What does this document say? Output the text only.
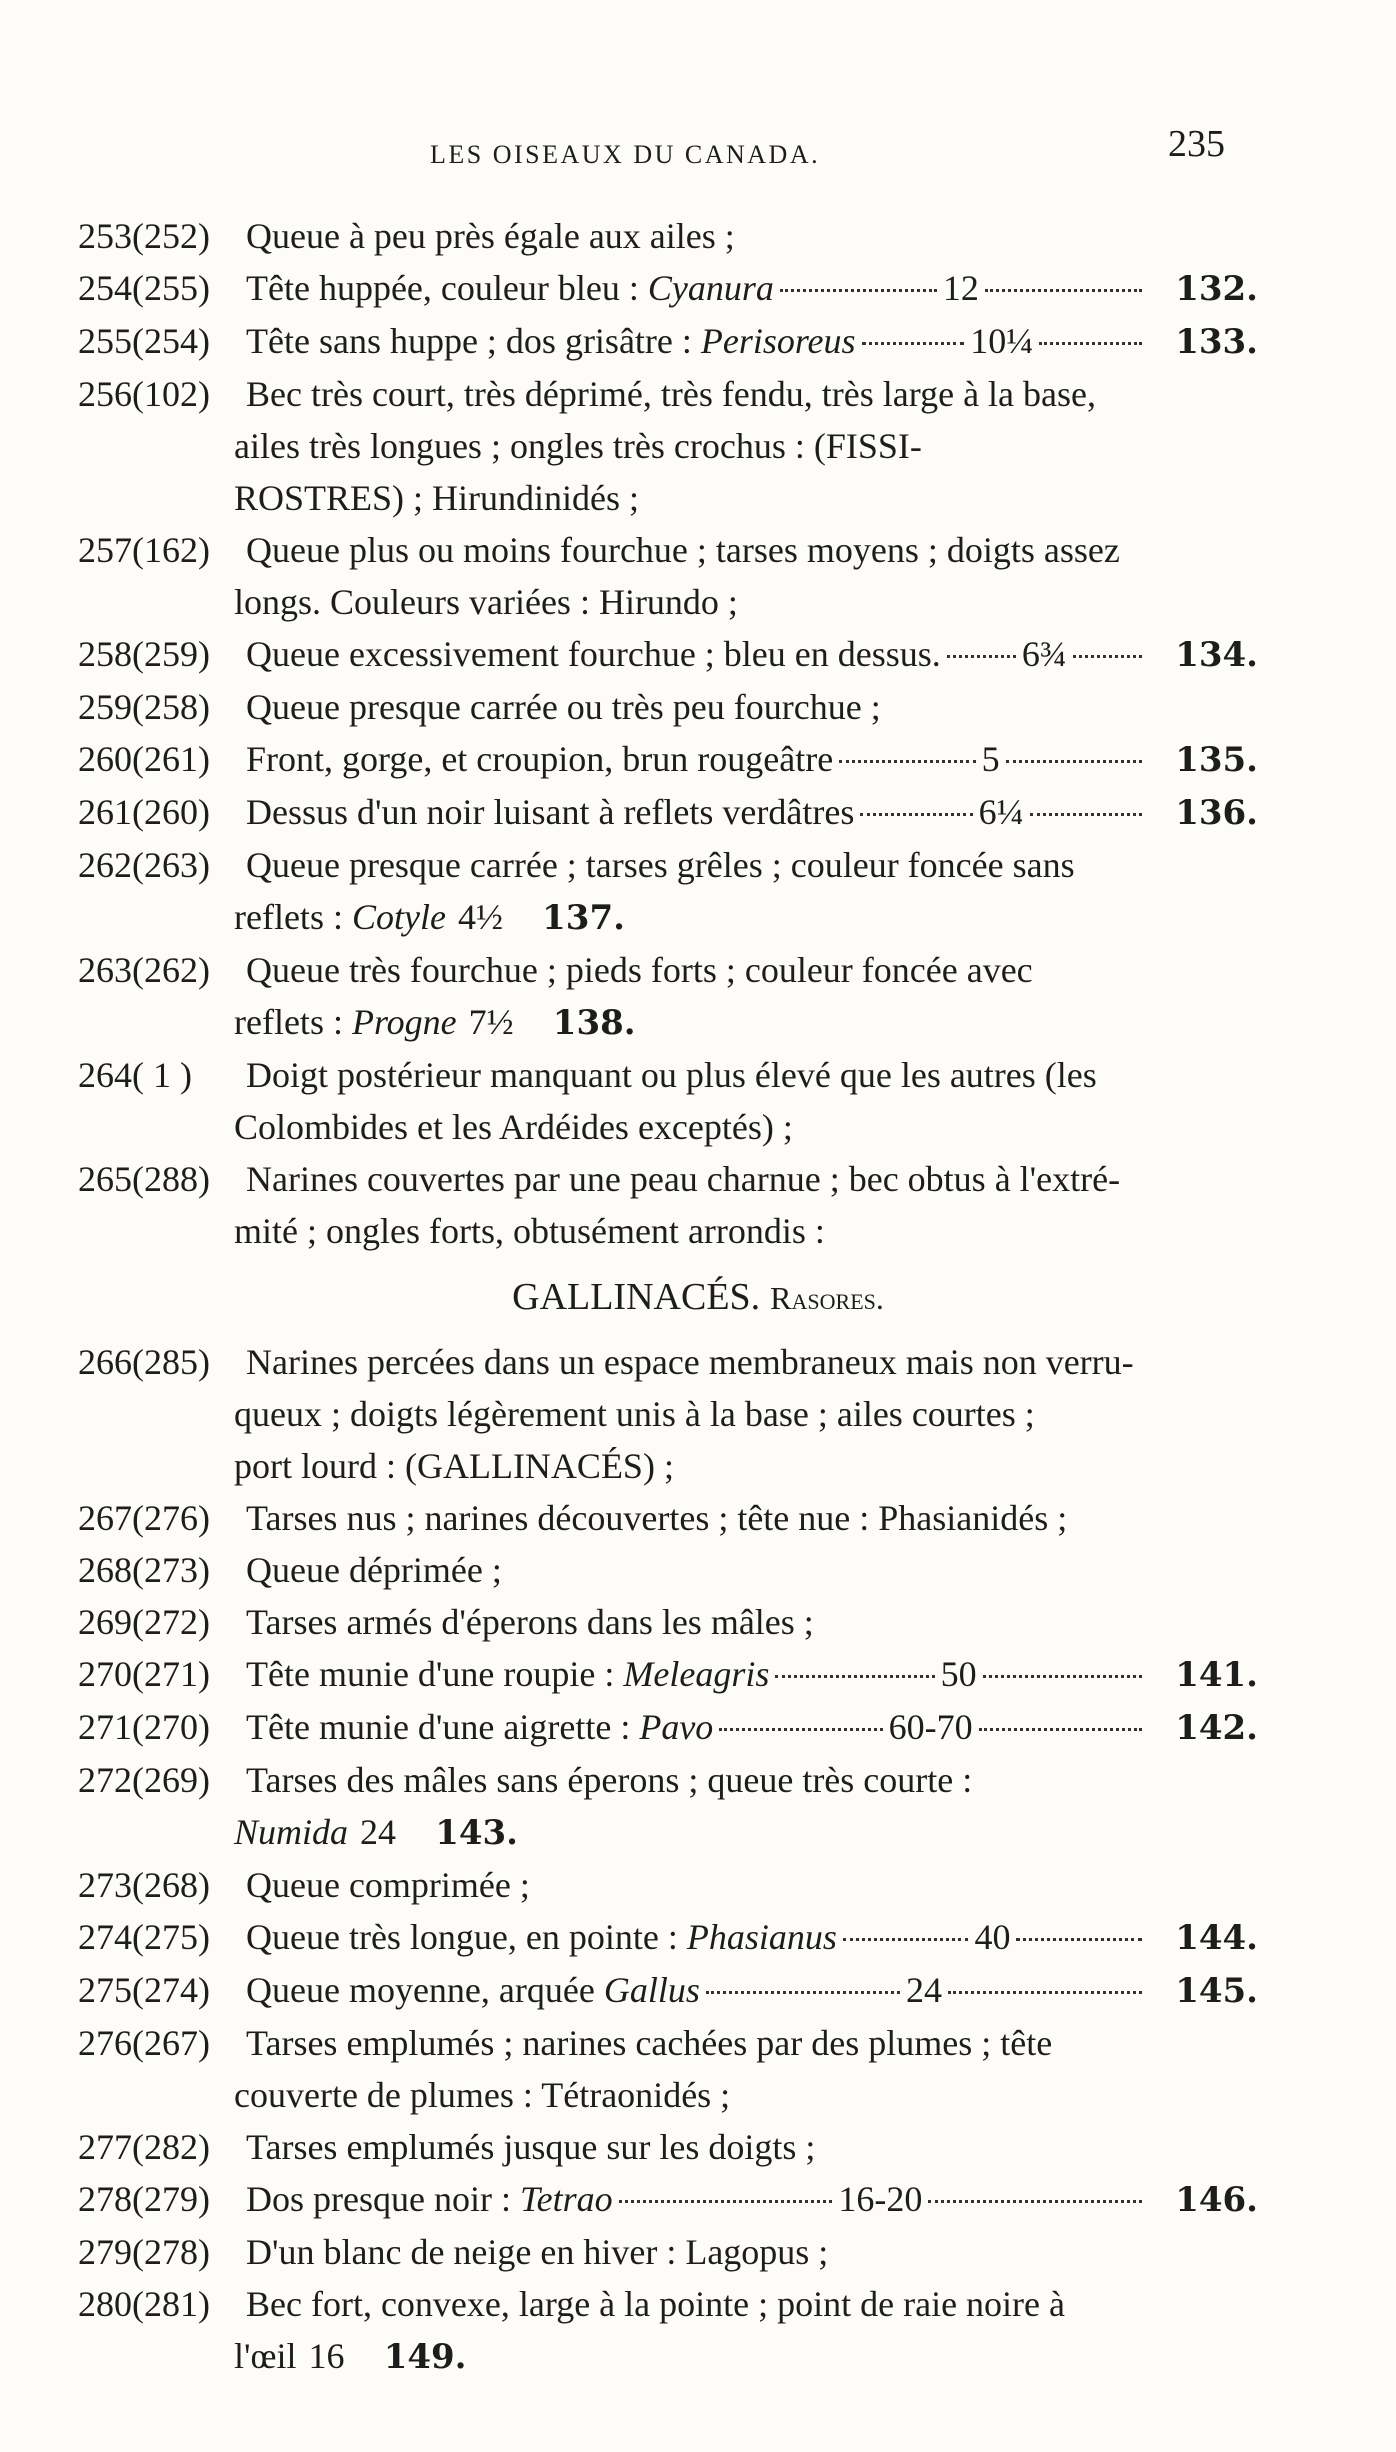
LES OISEAUX DU CANADA.	235
253(252) Queue à peu près égale aux ailes ;
254(255) Tête huppée, couleur bleu : Cyanura	12	132.
255(254) Tête sans huppe ; dos grisâtre : Perisoreus	10¼	133.
256(102) Bec très court, très déprimé, très fendu, très large à la base,
ailes très longues ; ongles très crochus : (FISSI-
ROSTRES) ; Hirundinidés ;
257(162) Queue plus ou moins fourchue ; tarses moyens ; doigts assez
longs. Couleurs variées : Hirundo ;
258(259) Queue excessivement fourchue ; bleu en dessus. 6¾	134.
259(258) Queue presque carrée ou très peu fourchue ;
260(261) Front, gorge, et croupion, brun rougeâtre	5	135.
261(260) Dessus d'un noir luisant à reflets verdâtres	6¼	136.
262(263) Queue presque carrée ; tarses grêles ; couleur foncée sans
reflets : Cotyle 4½ 137.
263(262) Queue très fourchue ; pieds forts ; couleur foncée avec
reflets : Progne 7½ 138.
264( 1 ) Doigt postérieur manquant ou plus élevé que les autres (les
Colombides et les Ardéides exceptés) ;
265(288) Narines couvertes par une peau charnue ; bec obtus à l'extré-
mité ; ongles forts, obtusément arrondis :
GALLINACÉS. Rasores.
266(285) Narines percées dans un espace membraneux mais non verru-
queux ; doigts légèrement unis à la base ; ailes courtes ;
port lourd : (GALLINACÉS) ;
267(276) Tarses nus ; narines découvertes ; tête nue : Phasianidés ;
268(273) Queue déprimée ;
269(272) Tarses armés d'éperons dans les mâles ;
270(271) Tête munie d'une roupie : Meleagris	50	141.
271(270) Tête munie d'une aigrette : Pavo	60-70	142.
272(269) Tarses des mâles sans éperons ; queue très courte :
Numida 24 143.
273(268) Queue comprimée ;
274(275) Queue très longue, en pointe : Phasianus	40	144.
275(274) Queue moyenne, arquée Gallus	24	145.
276(267) Tarses emplumés ; narines cachées par des plumes ; tête
couverte de plumes : Tétraonidés ;
277(282) Tarses emplumés jusque sur les doigts ;
278(279) Dos presque noir : Tetrao	16-20	146.
279(278) D'un blanc de neige en hiver : Lagopus ;
280(281) Bec fort, convexe, large à la pointe ; point de raie noire à
l'œil 16 149.
